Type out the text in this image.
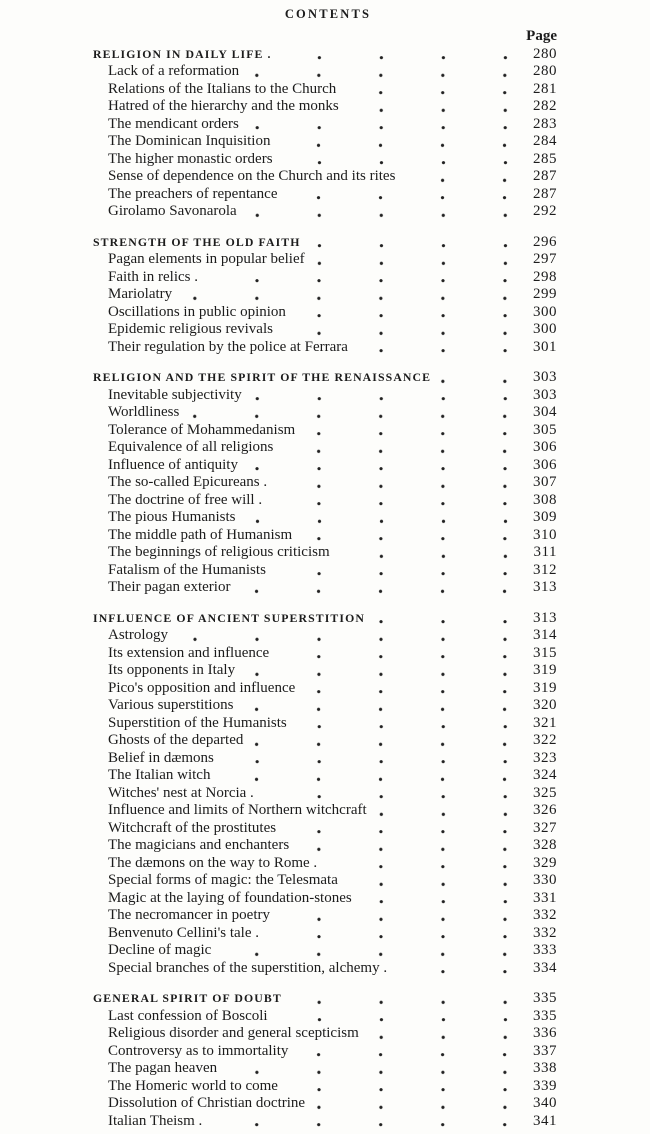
CONTENTS
Page
RELIGION IN DAILY LIFE .	280
Lack of a reformation	280
Relations of the Italians to the Church	281
Hatred of the hierarchy and the monks	282
The mendicant orders	283
The Dominican Inquisition	284
The higher monastic orders	285
Sense of dependence on the Church and its rites	287
The preachers of repentance	287
Girolamo Savonarola	292
STRENGTH OF THE OLD FAITH	296
Pagan elements in popular belief	297
Faith in relics .	298
Mariolatry	299
Oscillations in public opinion	300
Epidemic religious revivals	300
Their regulation by the police at Ferrara	301
RELIGION AND THE SPIRIT OF THE RENAISSANCE	303
Inevitable subjectivity	303
Worldliness	304
Tolerance of Mohammedanism	305
Equivalence of all religions	306
Influence of antiquity	306
The so-called Epicureans .	307
The doctrine of free will .	308
The pious Humanists	309
The middle path of Humanism	310
The beginnings of religious criticism	311
Fatalism of the Humanists	312
Their pagan exterior	313
INFLUENCE OF ANCIENT SUPERSTITION	313
Astrology	314
Its extension and influence	315
Its opponents in Italy	319
Pico's opposition and influence	319
Various superstitions	320
Superstition of the Humanists	321
Ghosts of the departed	322
Belief in dæmons	323
The Italian witch	324
Witches' nest at Norcia .	325
Influence and limits of Northern witchcraft	326
Witchcraft of the prostitutes	327
The magicians and enchanters	328
The dæmons on the way to Rome .	329
Special forms of magic: the Telesmata	330
Magic at the laying of foundation-stones	331
The necromancer in poetry	332
Benvenuto Cellini's tale .	332
Decline of magic	333
Special branches of the superstition, alchemy .	334
GENERAL SPIRIT OF DOUBT	335
Last confession of Boscoli	335
Religious disorder and general scepticism	336
Controversy as to immortality	337
The pagan heaven	338
The Homeric world to come	339
Dissolution of Christian doctrine	340
Italian Theism .	341
